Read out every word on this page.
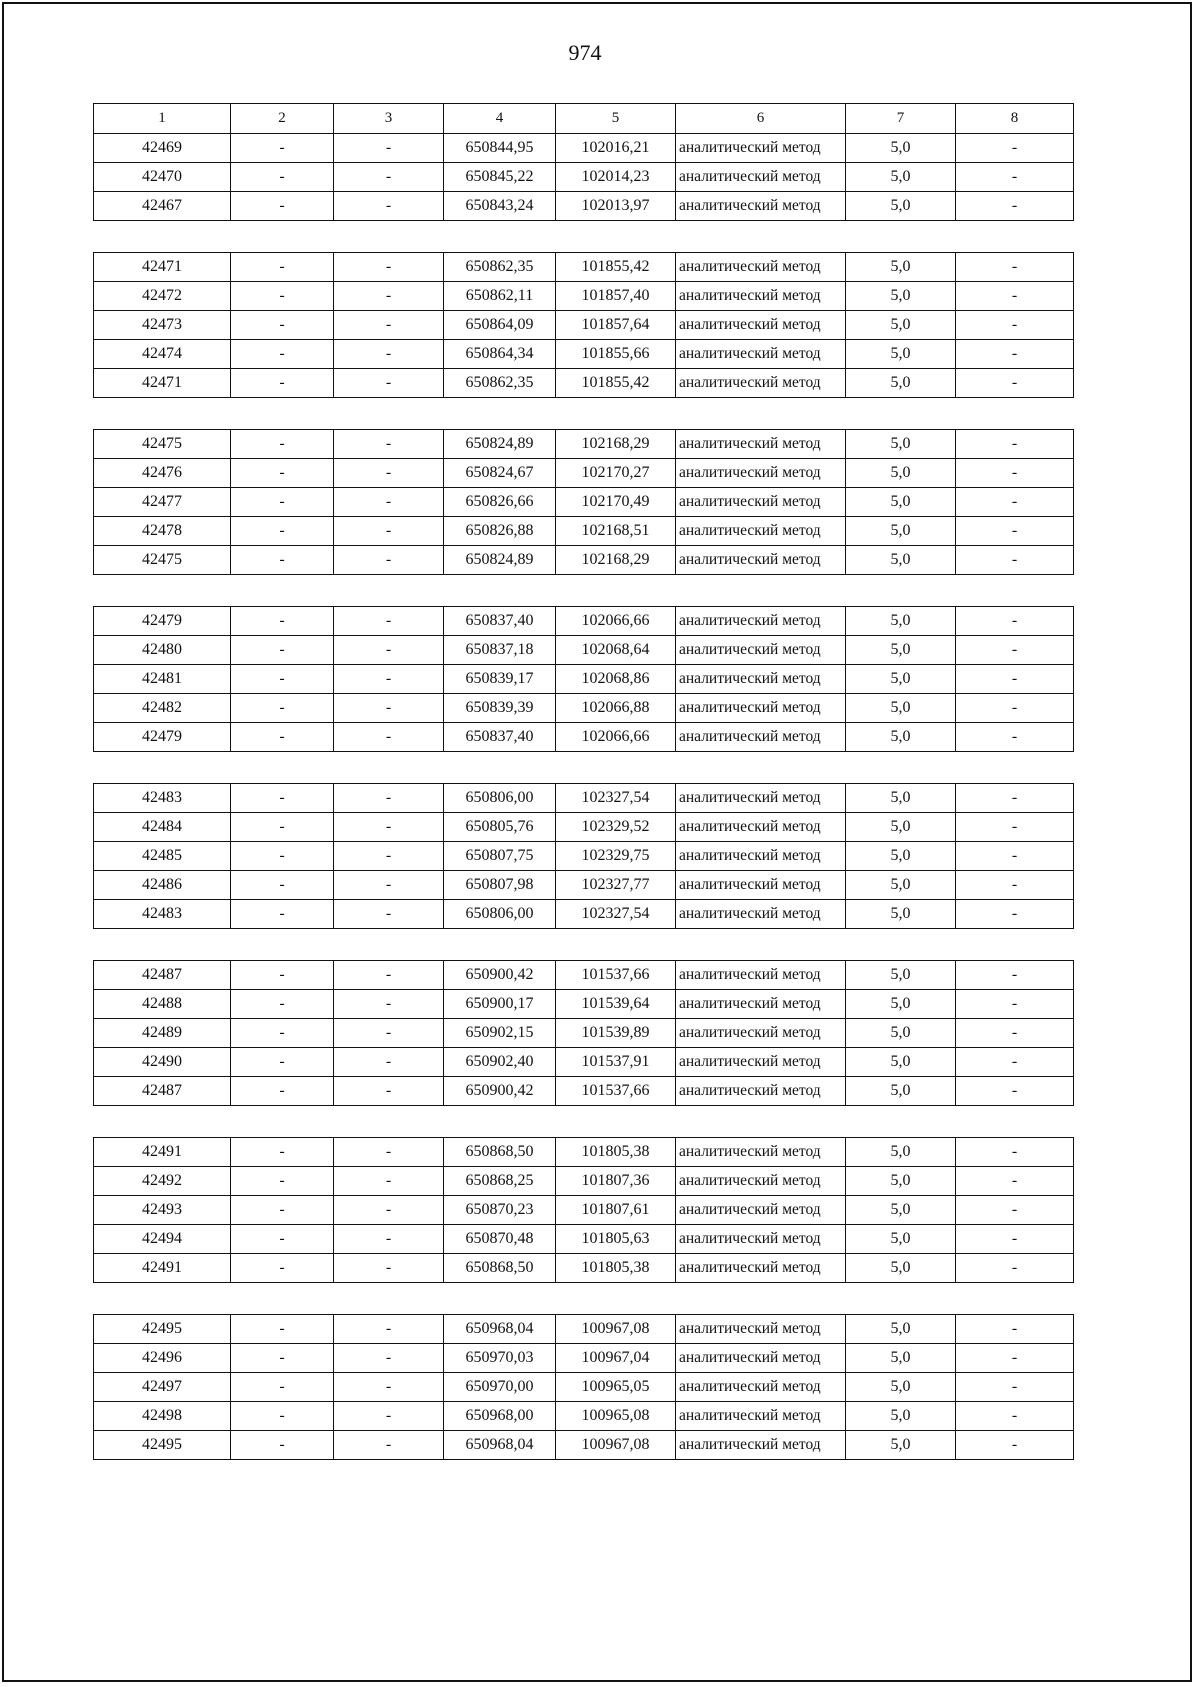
974
1	2	3	4	5	6	7	8
42469	-	-	650844,95	102016,21	аналитический метод	5,0	-
42470	-	-	650845,22	102014,23	аналитический метод	5,0	-
42467	-	-	650843,24	102013,97	аналитический метод	5,0	-
42471	-	-	650862,35	101855,42	аналитический метод	5,0	-
42472	-	-	650862,11	101857,40	аналитический метод	5,0	-
42473	-	-	650864,09	101857,64	аналитический метод	5,0	-
42474	-	-	650864,34	101855,66	аналитический метод	5,0	-
42471	-	-	650862,35	101855,42	аналитический метод	5,0	-
42475	-	-	650824,89	102168,29	аналитический метод	5,0	-
42476	-	-	650824,67	102170,27	аналитический метод	5,0	-
42477	-	-	650826,66	102170,49	аналитический метод	5,0	-
42478	-	-	650826,88	102168,51	аналитический метод	5,0	-
42475	-	-	650824,89	102168,29	аналитический метод	5,0	-
42479	-	-	650837,40	102066,66	аналитический метод	5,0	-
42480	-	-	650837,18	102068,64	аналитический метод	5,0	-
42481	-	-	650839,17	102068,86	аналитический метод	5,0	-
42482	-	-	650839,39	102066,88	аналитический метод	5,0	-
42479	-	-	650837,40	102066,66	аналитический метод	5,0	-
42483	-	-	650806,00	102327,54	аналитический метод	5,0	-
42484	-	-	650805,76	102329,52	аналитический метод	5,0	-
42485	-	-	650807,75	102329,75	аналитический метод	5,0	-
42486	-	-	650807,98	102327,77	аналитический метод	5,0	-
42483	-	-	650806,00	102327,54	аналитический метод	5,0	-
42487	-	-	650900,42	101537,66	аналитический метод	5,0	-
42488	-	-	650900,17	101539,64	аналитический метод	5,0	-
42489	-	-	650902,15	101539,89	аналитический метод	5,0	-
42490	-	-	650902,40	101537,91	аналитический метод	5,0	-
42487	-	-	650900,42	101537,66	аналитический метод	5,0	-
42491	-	-	650868,50	101805,38	аналитический метод	5,0	-
42492	-	-	650868,25	101807,36	аналитический метод	5,0	-
42493	-	-	650870,23	101807,61	аналитический метод	5,0	-
42494	-	-	650870,48	101805,63	аналитический метод	5,0	-
42491	-	-	650868,50	101805,38	аналитический метод	5,0	-
42495	-	-	650968,04	100967,08	аналитический метод	5,0	-
42496	-	-	650970,03	100967,04	аналитический метод	5,0	-
42497	-	-	650970,00	100965,05	аналитический метод	5,0	-
42498	-	-	650968,00	100965,08	аналитический метод	5,0	-
42495	-	-	650968,04	100967,08	аналитический метод	5,0	-
